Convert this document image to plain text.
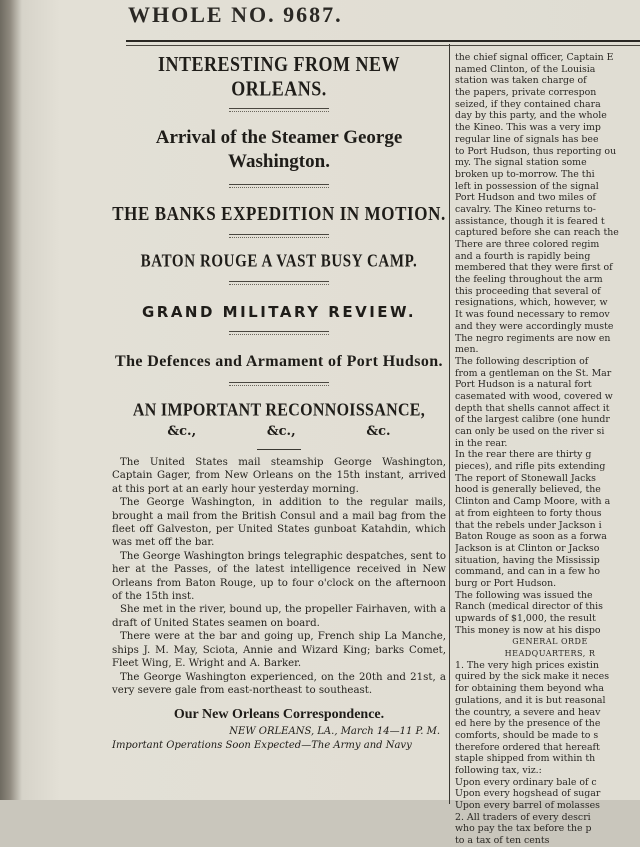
WHOLE NO. 9687.
INTERESTING FROM NEW ORLEANS.
Arrival of the Steamer George Washington.
THE BANKS EXPEDITION IN MOTION.
BATON ROUGE A VAST BUSY CAMP.
GRAND MILITARY REVIEW.
The Defences and Armament of Port Hudson.
AN IMPORTANT RECONNOISSANCE,
&c.,	&c.,	&c.

The United States mail steamship George Washington, Captain Gager, from New Orleans on the 15th instant, arrived at this port at an early hour yesterday morning.

The George Washington, in addition to the regular mails, brought a mail from the British Consul and a mail bag from the fleet off Galveston, per United States gunboat Katahdin, which was met off the bar.

The George Washington brings telegraphic despatches, sent to her at the Passes, of the latest intelligence received in New Orleans from Baton Rouge, up to four o'clock on the afternoon of the 15th inst.

She met in the river, bound up, the propeller Fairhaven, with a draft of United States seamen on board.

There were at the bar and going up, French ship La Manche, ships J. M. May, Sciota, Annie and Wizard King; barks Comet, Fleet Wing, E. Wright and A. Barker.

The George Washington experienced, on the 20th and 21st, a very severe gale from east-northeast to southeast.

Our New Orleans Correspondence.
NEW ORLEANS, LA., March 14—11 P. M.
Important Operations Soon Expected—The Army and Navy
the chief signal officer, Captain E
named Clinton, of the Louisia
station was taken charge of
the papers, private correspon
seized, if they contained chara
day by this party, and the whole
the Kineo. This was a very imp
regular line of signals has bee
to Port Hudson, thus reporting ou
my. The signal station some
broken up to-morrow. The thi
left in possession of the signal
Port Hudson and two miles of
cavalry. The Kineo returns to-
assistance, though it is feared t
captured before she can reach the
There are three colored regim
and a fourth is rapidly being
membered that they were first of
the feeling throughout the arm
this proceeding that several of
resignations, which, however, w
It was found necessary to remov
and they were accordingly muste
The negro regiments are now en
men.
The following description of
from a gentleman on the St. Mar
Port Hudson is a natural fort
casemated with wood, covered w
depth that shells cannot affect it
of the largest calibre (one hundr
can only be used on the river si
in the rear.
In the rear there are thirty g
pieces), and rifle pits extending
The report of Stonewall Jacks
hood is generally believed, the
Clinton and Camp Moore, with a
at from eighteen to forty thous
that the rebels under Jackson i
Baton Rouge as soon as a forwa
Jackson is at Clinton or Jackso
situation, having the Mississip
command, and can in a few ho
burg or Port Hudson.
The following was issued the
Ranch (medical director of this
upwards of $1,000, the result
This money is now at his dispo
GENERAL ORDE
HEADQUARTERS, R
1. The very high prices existin
quired by the sick make it neces
for obtaining them beyond wha
gulations, and it is but reasonal
the country, a severe and heav
ed here by the presence of the
comforts, should be made to s
therefore ordered that hereaft
staple shipped from within th
following tax, viz.:
Upon every ordinary bale of c
Upon every hogshead of sugar
Upon every barrel of molasses
2. All traders of every descri
who pay the tax before the p
to a tax of ten cents
